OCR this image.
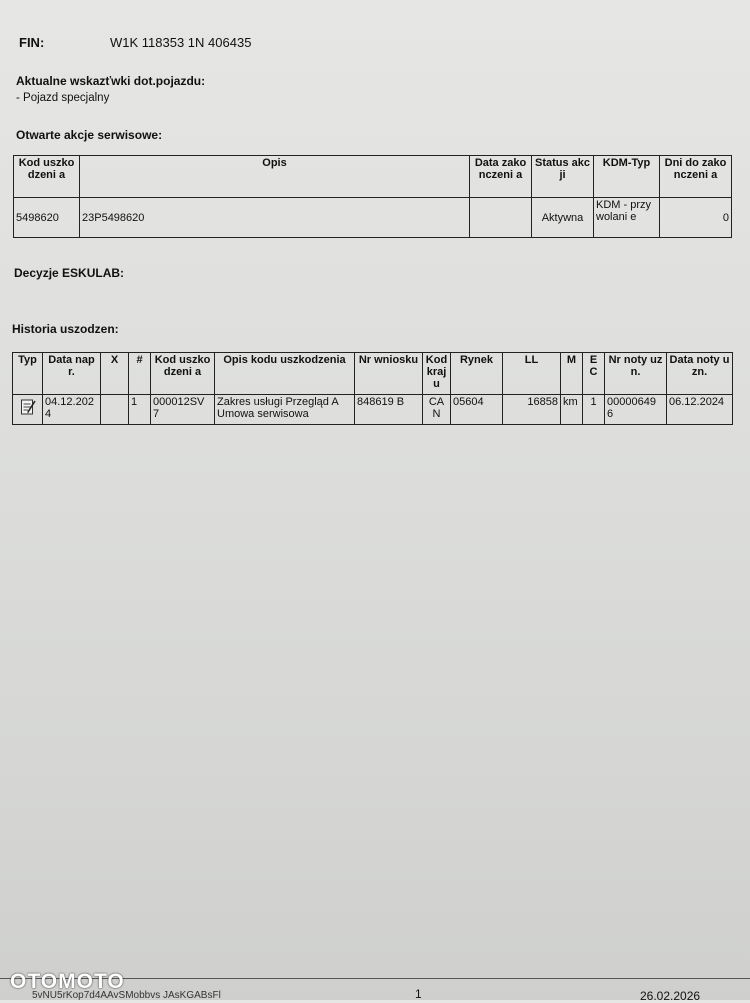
FIN:	W1K 118353 1N 406435
Aktualne wskazťwki dot.pojazdu:
- Pojazd specjalny
Otwarte akcje serwisowe:
Kod uszkodzeni a	Opis	Data zakonczeni a	Status akcji	KDM-Typ	Dni do zakonczeni a
5498620	23P5498620		Aktywna	KDM - przywolani e	0
Decyzje ESKULAB:
Historia uszodzen:
Typ	Data napr.	X	#	Kod uszkodzeni a	Opis kodu uszkodzenia	Nr wniosku	Kod kraj u	Rynek	LL	M	E C	Nr noty uzn.	Data noty uzn.

	04.12.202 4		1	000012SV 7	Zakres usługi Przegląd A
Umowa serwisowa	848619 B	CA N	05604	16858	km	1	00000649 6	06.12.2024
OTOMOTO
5vNU5rKop7d4AAvSMobbvs JAsKGABsFl	1	26.02.2026
